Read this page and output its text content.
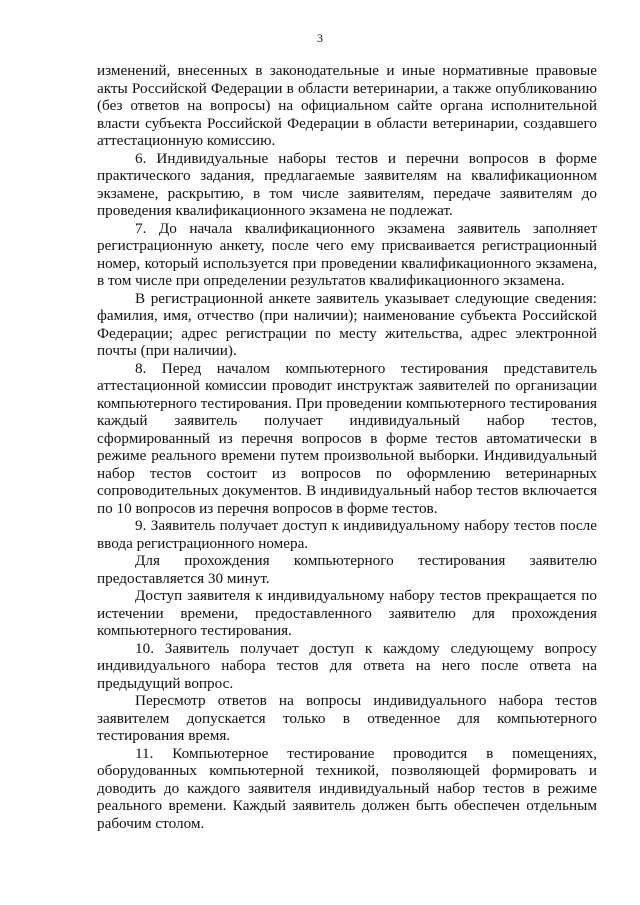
3

изменений, внесенных в законодательные и иные нормативные правовые акты Российской Федерации в области ветеринарии, а также опубликованию (без ответов на вопросы) на официальном сайте органа исполнительной власти субъекта Российской Федерации в области ветеринарии, создавшего аттестационную комиссию.

6. Индивидуальные наборы тестов и перечни вопросов в форме практического задания, предлагаемые заявителям на квалификационном экзамене, раскрытию, в том числе заявителям, передаче заявителям до проведения квалификационного экзамена не подлежат.

7. До начала квалификационного экзамена заявитель заполняет регистрационную анкету, после чего ему присваивается регистрационный номер, который используется при проведении квалификационного экзамена, в том числе при определении результатов квалификационного экзамена.

В регистрационной анкете заявитель указывает следующие сведения: фамилия, имя, отчество (при наличии); наименование субъекта Российской Федерации; адрес регистрации по месту жительства, адрес электронной почты (при наличии).

8. Перед началом компьютерного тестирования представитель аттестационной комиссии проводит инструктаж заявителей по организации компьютерного тестирования. При проведении компьютерного тестирования каждый заявитель получает индивидуальный набор тестов, сформированный из перечня вопросов в форме тестов автоматически в режиме реального времени путем произвольной выборки. Индивидуальный набор тестов состоит из вопросов по оформлению ветеринарных сопроводительных документов. В индивидуальный набор тестов включается по 10 вопросов из перечня вопросов в форме тестов.

9. Заявитель получает доступ к индивидуальному набору тестов после ввода регистрационного номера.

Для прохождения компьютерного тестирования заявителю предоставляется 30 минут.

Доступ заявителя к индивидуальному набору тестов прекращается по истечении времени, предоставленного заявителю для прохождения компьютерного тестирования.

10. Заявитель получает доступ к каждому следующему вопросу индивидуального набора тестов для ответа на него после ответа на предыдущий вопрос.

Пересмотр ответов на вопросы индивидуального набора тестов заявителем допускается только в отведенное для компьютерного тестирования время.

11. Компьютерное тестирование проводится в помещениях, оборудованных компьютерной техникой, позволяющей формировать и доводить до каждого заявителя индивидуальный набор тестов в режиме реального времени. Каждый заявитель должен быть обеспечен отдельным рабочим столом.
